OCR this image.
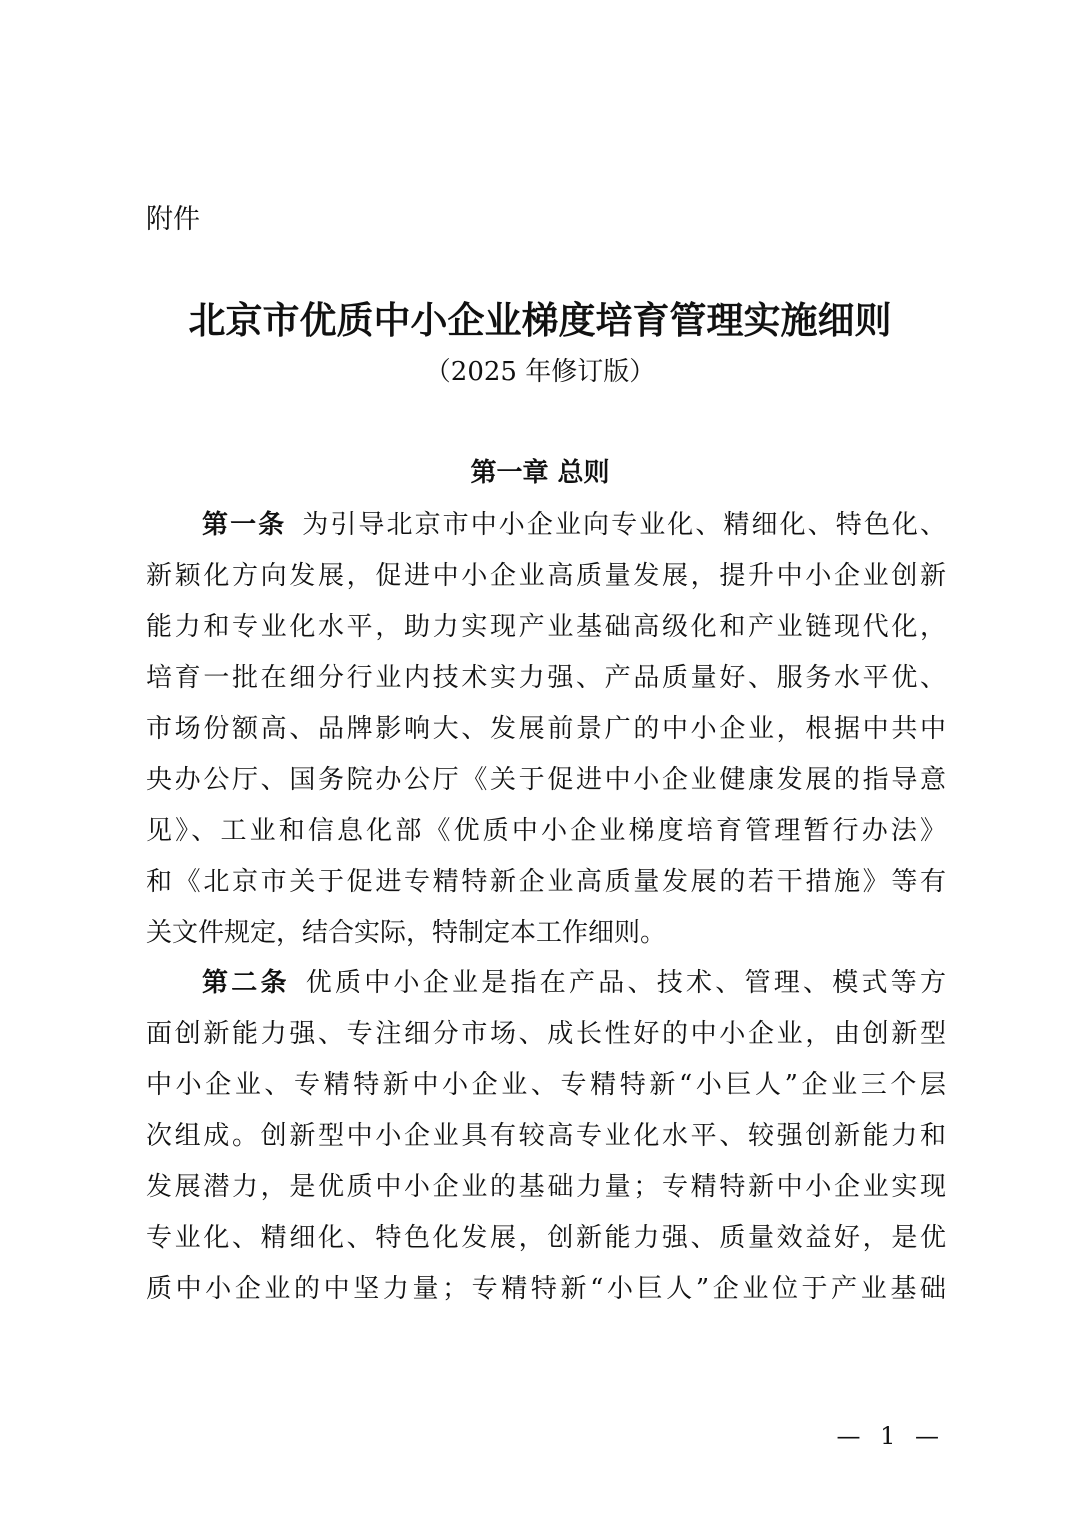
附件

北京市优质中小企业梯度培育管理实施细则

（2025 年修订版）

第一章 总则
第一条 为引导北京市中小企业向专业化、精细化、特色化、
新颖化方向发展，促进中小企业高质量发展，提升中小企业创新
能力和专业化水平，助力实现产业基础高级化和产业链现代化，
培育一批在细分行业内技术实力强、产品质量好、服务水平优、
市场份额高、品牌影响大、发展前景广的中小企业，根据中共中
央办公厅、国务院办公厅《关于促进中小企业健康发展的指导意
见》、工业和信息化部《优质中小企业梯度培育管理暂行办法》
和《北京市关于促进专精特新企业高质量发展的若干措施》等有
关文件规定，结合实际，特制定本工作细则。
第二条 优质中小企业是指在产品、技术、管理、模式等方
面创新能力强、专注细分市场、成长性好的中小企业，由创新型
中小企业、专精特新中小企业、专精特新“小巨人”企业三个层
次组成。创新型中小企业具有较高专业化水平、较强创新能力和
发展潜力，是优质中小企业的基础力量；专精特新中小企业实现
专业化、精细化、特色化发展，创新能力强、质量效益好，是优
质中小企业的中坚力量；专精特新“小巨人”企业位于产业基础
— 1 —
